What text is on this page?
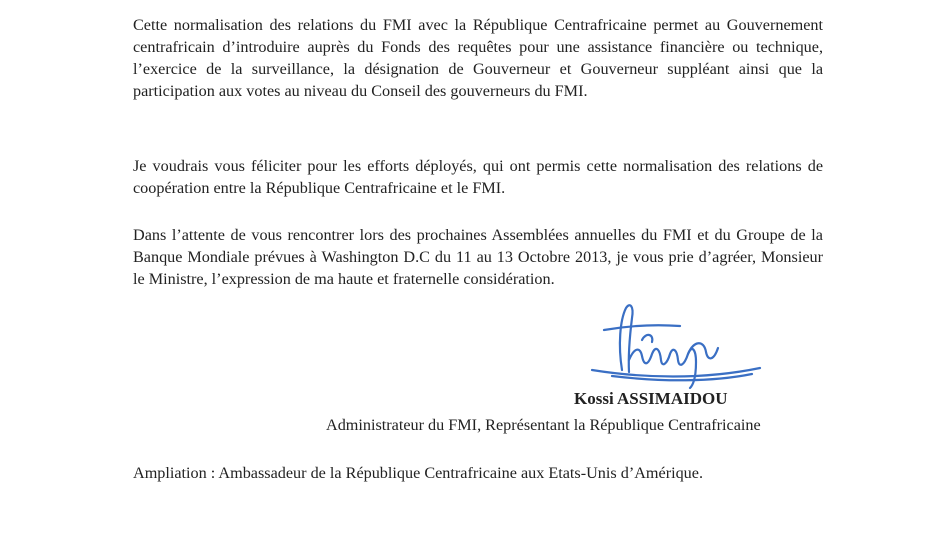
Cette normalisation des relations du FMI avec la République Centrafricaine permet au Gouvernement centrafricain d’introduire auprès du Fonds des requêtes pour une assistance financière ou technique, l’exercice de la surveillance, la désignation de Gouverneur et Gouverneur suppléant ainsi que la participation aux votes au niveau du Conseil des gouverneurs du FMI.

Je voudrais vous féliciter pour les efforts déployés, qui ont permis cette normalisation des relations de coopération entre la République Centrafricaine et le FMI.

Dans l’attente de vous rencontrer lors des prochaines Assemblées annuelles du FMI et du Groupe de la Banque Mondiale prévues à Washington D.C du 11 au 13 Octobre 2013, je vous prie d’agréer, Monsieur le Ministre, l’expression de ma haute et fraternelle considération.

Kossi ASSIMAIDOU
Administrateur du FMI, Représentant la République Centrafricaine
Ampliation : Ambassadeur de la République Centrafricaine aux Etats-Unis d’Amérique.
